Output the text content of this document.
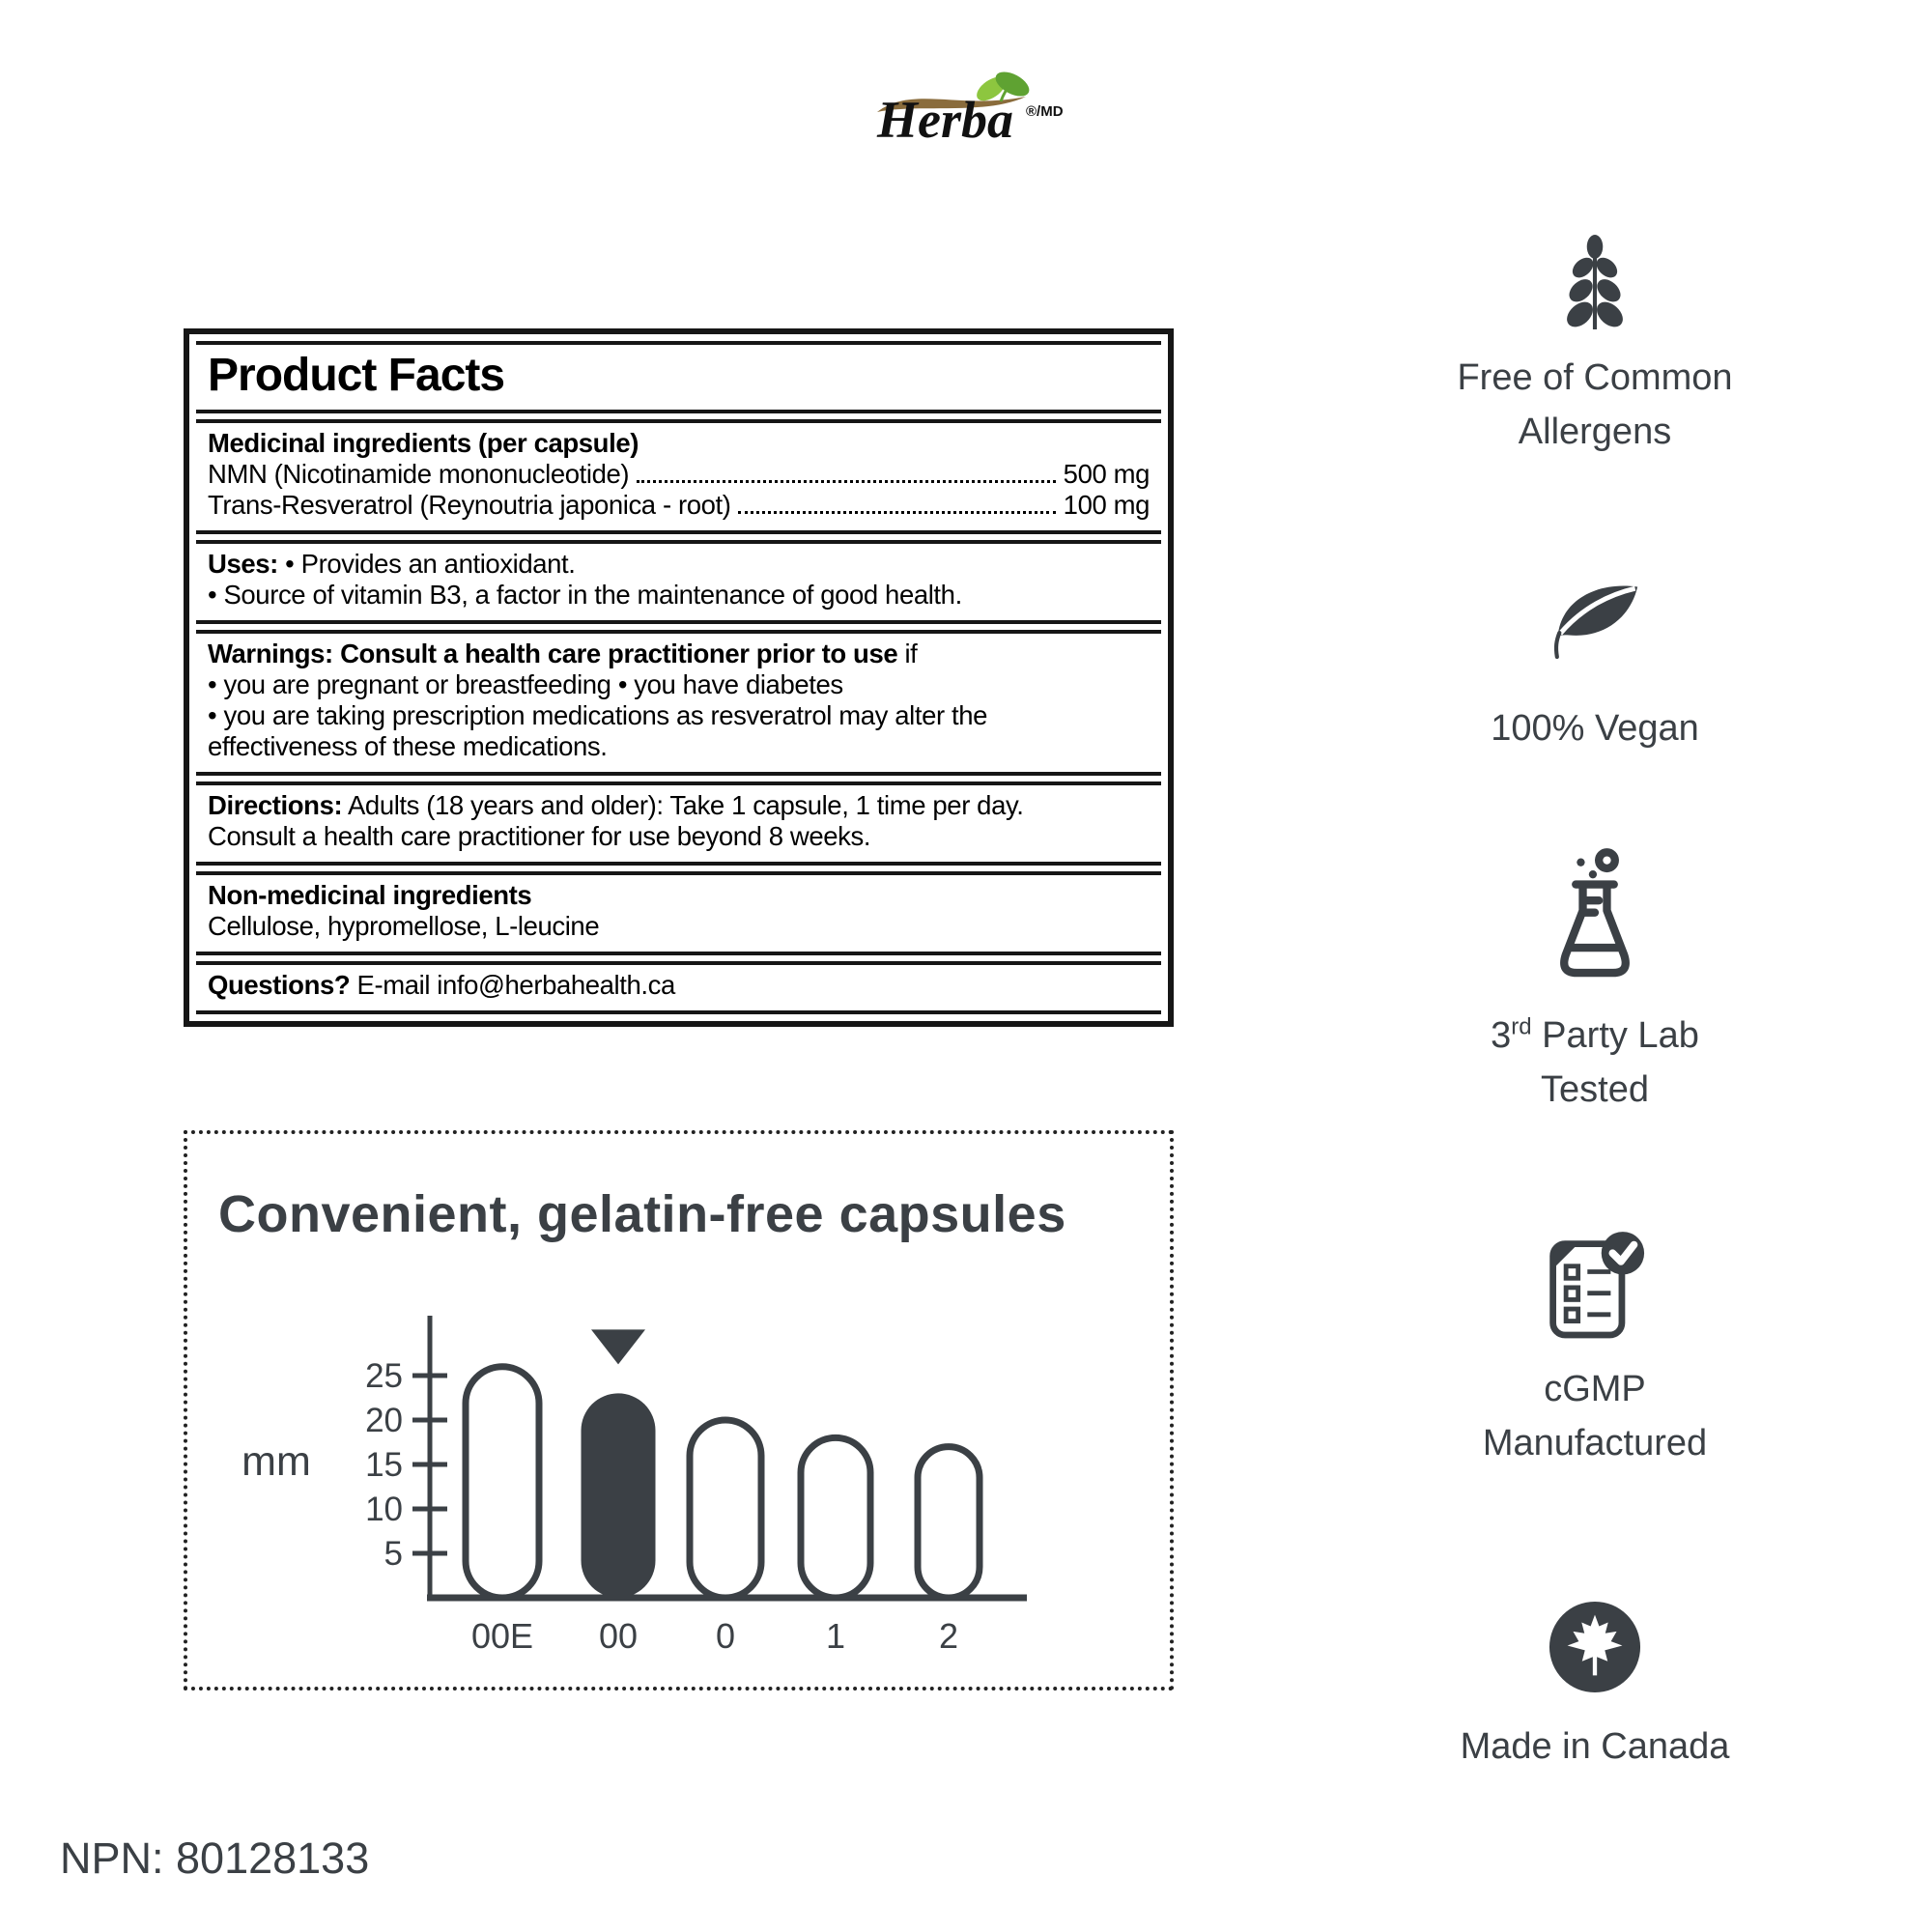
Herba ®/MD
Product Facts
Medicinal ingredients (per capsule)
NMN (Nicotinamide mononucleotide)	500 mg
Trans-Resveratrol (Reynoutria japonica - root)	100 mg
Uses: • Provides an antioxidant.
• Source of vitamin B3, a factor in the maintenance of good health.
Warnings: Consult a health care practitioner prior to use if
• you are pregnant or breastfeeding • you have diabetes
• you are taking prescription medications as resveratrol may alter the
effectiveness of these medications.
Directions: Adults (18 years and older): Take 1 capsule, 1 time per day.
Consult a health care practitioner for use beyond 8 weeks.
Non-medicinal ingredients
Cellulose, hypromellose, L-leucine
Questions? E-mail info@herbahealth.ca
Convenient, gelatin-free capsules
00E 00 0	1	2
5
10
15
20
25
mm
Free of Common
Allergens
100% Vegan
3rd Party Lab
Tested
cGMP
Manufactured
Made in Canada
NPN: 80128133
